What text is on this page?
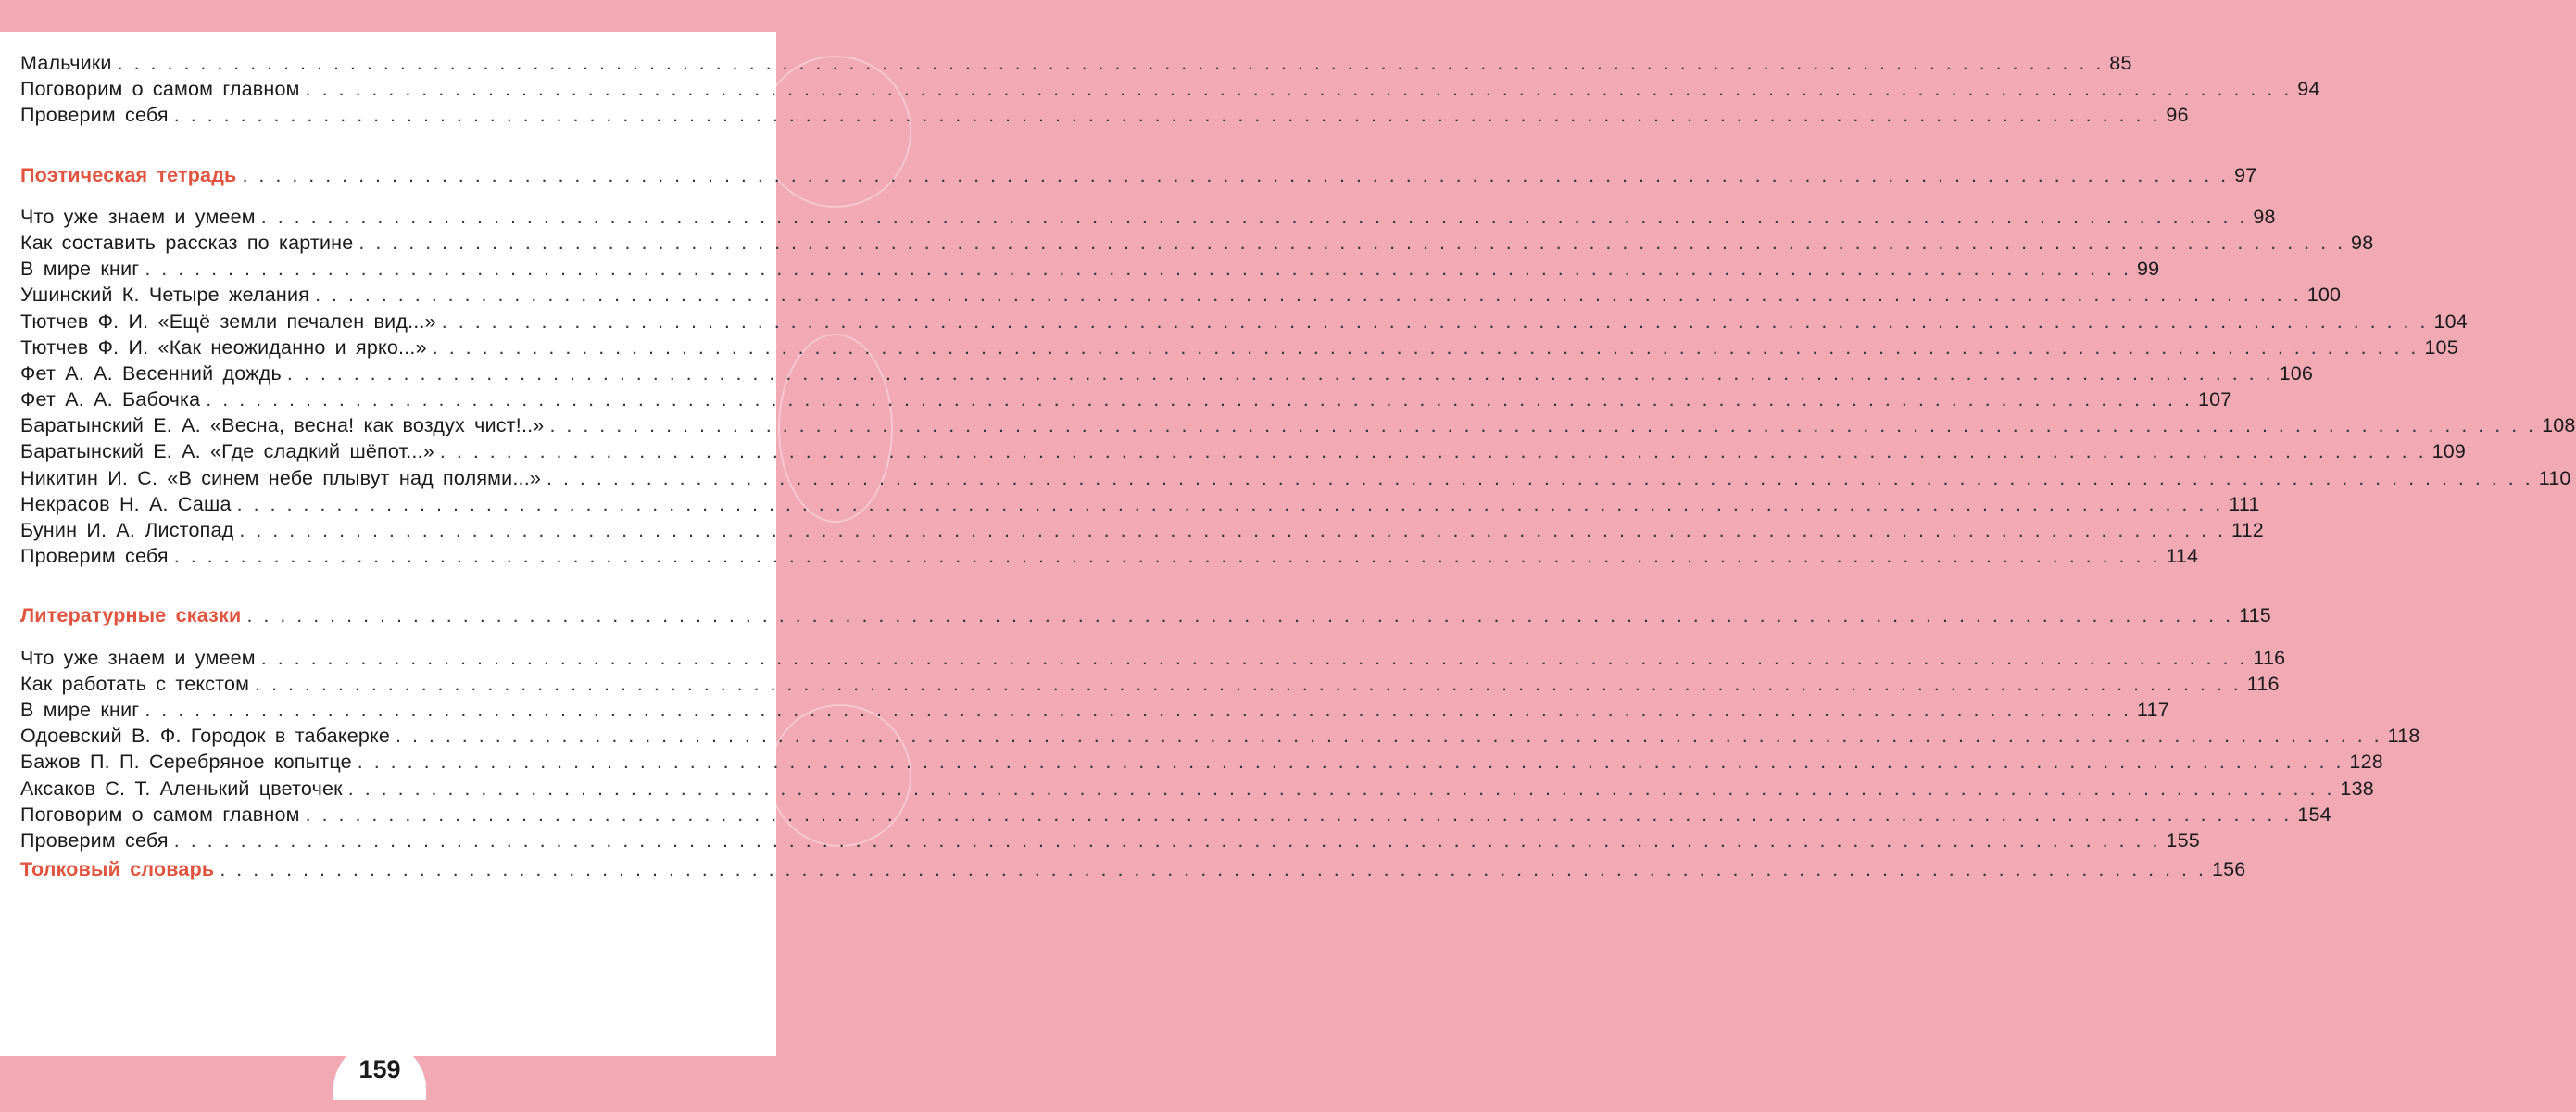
Мальчики . . . . . . . . . . . . . . . . . . . . . . . . . . . . . . . . . . . . . . . . . . . . . . . . . . . . . . . . . . . . . . . . . . . . . . . . . . . . . . . . . . . . . . . . . . . . . . . . . . . . . . . . . . . . . . . . . . . . . . . . 85
Поговорим о самом главном . . . . . . . . . . . . . . . . . . . . . . . . . . . . . . . . . . . . . . . . . . . . . . . . . . . . . . . . . . . . . . . . . . . . . . . . . . . . . . . . . . . . . . . . . . . . . . . . . . . . . . . . . . . . . . . . . . . . . . . . 94
Проверим себя . . . . . . . . . . . . . . . . . . . . . . . . . . . . . . . . . . . . . . . . . . . . . . . . . . . . . . . . . . . . . . . . . . . . . . . . . . . . . . . . . . . . . . . . . . . . . . . . . . . . . . . . . . . . . . . . . . . . . . . . 96
Поэтическая тетрадь . . . . . . . . . . . . . . . . . . . . . . . . . . . . . . . . . . . . . . . . . . . . . . . . . . . . . . . . . . . . . . . . . . . . . . . . . . . . . . . . . . . . . . . . . . . . . . . . . . . . . . . . . . . . . . . . . . . . . . . . 97
Что уже знаем и умеем . . . . . . . . . . . . . . . . . . . . . . . . . . . . . . . . . . . . . . . . . . . . . . . . . . . . . . . . . . . . . . . . . . . . . . . . . . . . . . . . . . . . . . . . . . . . . . . . . . . . . . . . . . . . . . . . . . . . . . . . 98
Как составить рассказ по картине . . . . . . . . . . . . . . . . . . . . . . . . . . . . . . . . . . . . . . . . . . . . . . . . . . . . . . . . . . . . . . . . . . . . . . . . . . . . . . . . . . . . . . . . . . . . . . . . . . . . . . . . . . . . . . . . . . . . . . . . 98
В мире книг . . . . . . . . . . . . . . . . . . . . . . . . . . . . . . . . . . . . . . . . . . . . . . . . . . . . . . . . . . . . . . . . . . . . . . . . . . . . . . . . . . . . . . . . . . . . . . . . . . . . . . . . . . . . . . . . . . . . . . . . 99
Ушинский К. Четыре желания . . . . . . . . . . . . . . . . . . . . . . . . . . . . . . . . . . . . . . . . . . . . . . . . . . . . . . . . . . . . . . . . . . . . . . . . . . . . . . . . . . . . . . . . . . . . . . . . . . . . . . . . . . . . . . . . . . . . . . . . 100
Тютчев Ф. И. «Ещё земли печален вид...» . . . . . . . . . . . . . . . . . . . . . . . . . . . . . . . . . . . . . . . . . . . . . . . . . . . . . . . . . . . . . . . . . . . . . . . . . . . . . . . . . . . . . . . . . . . . . . . . . . . . . . . . . . . . . . . . . . . . . . . . 104
Тютчев Ф. И. «Как неожиданно и ярко...» . . . . . . . . . . . . . . . . . . . . . . . . . . . . . . . . . . . . . . . . . . . . . . . . . . . . . . . . . . . . . . . . . . . . . . . . . . . . . . . . . . . . . . . . . . . . . . . . . . . . . . . . . . . . . . . . . . . . . . . . 105
Фет А. А. Весенний дождь . . . . . . . . . . . . . . . . . . . . . . . . . . . . . . . . . . . . . . . . . . . . . . . . . . . . . . . . . . . . . . . . . . . . . . . . . . . . . . . . . . . . . . . . . . . . . . . . . . . . . . . . . . . . . . . . . . . . . . . . 106
Фет А. А. Бабочка . . . . . . . . . . . . . . . . . . . . . . . . . . . . . . . . . . . . . . . . . . . . . . . . . . . . . . . . . . . . . . . . . . . . . . . . . . . . . . . . . . . . . . . . . . . . . . . . . . . . . . . . . . . . . . . . . . . . . . . . 107
Баратынский Е. А. «Весна, весна! как воздух чист!..» . . . . . . . . . . . . . . . . . . . . . . . . . . . . . . . . . . . . . . . . . . . . . . . . . . . . . . . . . . . . . . . . . . . . . . . . . . . . . . . . . . . . . . . . . . . . . . . . . . . . . . . . . . . . . . . . . . . . . . . . 108
Баратынский Е. А. «Где сладкий шёпот...» . . . . . . . . . . . . . . . . . . . . . . . . . . . . . . . . . . . . . . . . . . . . . . . . . . . . . . . . . . . . . . . . . . . . . . . . . . . . . . . . . . . . . . . . . . . . . . . . . . . . . . . . . . . . . . . . . . . . . . . . 109
Никитин И. С. «В синем небе плывут над полями...» . . . . . . . . . . . . . . . . . . . . . . . . . . . . . . . . . . . . . . . . . . . . . . . . . . . . . . . . . . . . . . . . . . . . . . . . . . . . . . . . . . . . . . . . . . . . . . . . . . . . . . . . . . . . . . . . . . . . . . . . 110
Некрасов Н. А. Саша . . . . . . . . . . . . . . . . . . . . . . . . . . . . . . . . . . . . . . . . . . . . . . . . . . . . . . . . . . . . . . . . . . . . . . . . . . . . . . . . . . . . . . . . . . . . . . . . . . . . . . . . . . . . . . . . . . . . . . . . 111
Бунин И. А. Листопад . . . . . . . . . . . . . . . . . . . . . . . . . . . . . . . . . . . . . . . . . . . . . . . . . . . . . . . . . . . . . . . . . . . . . . . . . . . . . . . . . . . . . . . . . . . . . . . . . . . . . . . . . . . . . . . . . . . . . . . . 112
Проверим себя . . . . . . . . . . . . . . . . . . . . . . . . . . . . . . . . . . . . . . . . . . . . . . . . . . . . . . . . . . . . . . . . . . . . . . . . . . . . . . . . . . . . . . . . . . . . . . . . . . . . . . . . . . . . . . . . . . . . . . . . 114
Литературные сказки . . . . . . . . . . . . . . . . . . . . . . . . . . . . . . . . . . . . . . . . . . . . . . . . . . . . . . . . . . . . . . . . . . . . . . . . . . . . . . . . . . . . . . . . . . . . . . . . . . . . . . . . . . . . . . . . . . . . . . . . 115
Что уже знаем и умеем . . . . . . . . . . . . . . . . . . . . . . . . . . . . . . . . . . . . . . . . . . . . . . . . . . . . . . . . . . . . . . . . . . . . . . . . . . . . . . . . . . . . . . . . . . . . . . . . . . . . . . . . . . . . . . . . . . . . . . . . 116
Как работать с текстом . . . . . . . . . . . . . . . . . . . . . . . . . . . . . . . . . . . . . . . . . . . . . . . . . . . . . . . . . . . . . . . . . . . . . . . . . . . . . . . . . . . . . . . . . . . . . . . . . . . . . . . . . . . . . . . . . . . . . . . . 116
В мире книг . . . . . . . . . . . . . . . . . . . . . . . . . . . . . . . . . . . . . . . . . . . . . . . . . . . . . . . . . . . . . . . . . . . . . . . . . . . . . . . . . . . . . . . . . . . . . . . . . . . . . . . . . . . . . . . . . . . . . . . . 117
Одоевский В. Ф. Городок в табакерке . . . . . . . . . . . . . . . . . . . . . . . . . . . . . . . . . . . . . . . . . . . . . . . . . . . . . . . . . . . . . . . . . . . . . . . . . . . . . . . . . . . . . . . . . . . . . . . . . . . . . . . . . . . . . . . . . . . . . . . . 118
Бажов П. П. Серебряное копытце . . . . . . . . . . . . . . . . . . . . . . . . . . . . . . . . . . . . . . . . . . . . . . . . . . . . . . . . . . . . . . . . . . . . . . . . . . . . . . . . . . . . . . . . . . . . . . . . . . . . . . . . . . . . . . . . . . . . . . . . 128
Аксаков С. Т. Аленький цветочек . . . . . . . . . . . . . . . . . . . . . . . . . . . . . . . . . . . . . . . . . . . . . . . . . . . . . . . . . . . . . . . . . . . . . . . . . . . . . . . . . . . . . . . . . . . . . . . . . . . . . . . . . . . . . . . . . . . . . . . . 138
Поговорим о самом главном . . . . . . . . . . . . . . . . . . . . . . . . . . . . . . . . . . . . . . . . . . . . . . . . . . . . . . . . . . . . . . . . . . . . . . . . . . . . . . . . . . . . . . . . . . . . . . . . . . . . . . . . . . . . . . . . . . . . . . . . 154
Проверим себя . . . . . . . . . . . . . . . . . . . . . . . . . . . . . . . . . . . . . . . . . . . . . . . . . . . . . . . . . . . . . . . . . . . . . . . . . . . . . . . . . . . . . . . . . . . . . . . . . . . . . . . . . . . . . . . . . . . . . . . . 155
Толковый словарь . . . . . . . . . . . . . . . . . . . . . . . . . . . . . . . . . . . . . . . . . . . . . . . . . . . . . . . . . . . . . . . . . . . . . . . . . . . . . . . . . . . . . . . . . . . . . . . . . . . . . . . . . . . . . . . . . . . . . . . . 156
159
